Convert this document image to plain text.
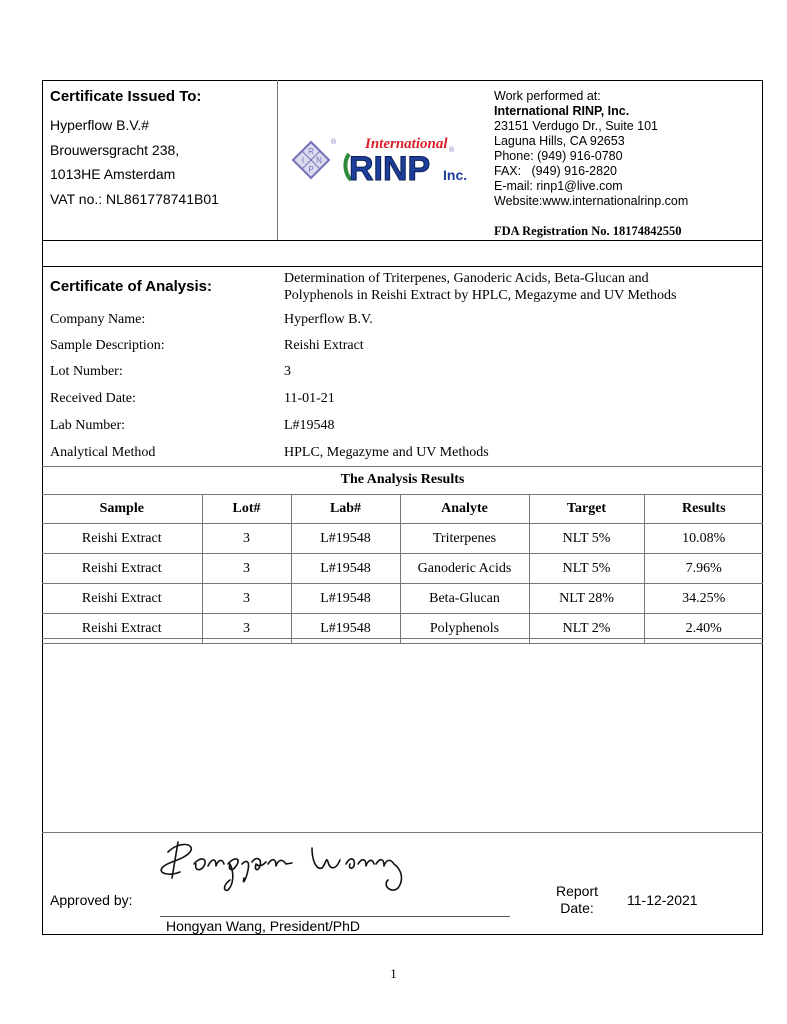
Certificate Issued To:
Hyperflow B.V.#
Brouwersgracht 238,
1013HE Amsterdam
VAT no.: NL861778741B01
R
I N
P
® International
RINP Inc.
®
Work performed at:
International RINP, Inc.
23151 Verdugo Dr., Suite 101
Laguna Hills, CA 92653
Phone: (949) 916-0780
FAX:   (949) 916-2820
E-mail: rinp1@live.com
Website:www.internationalrinp.com
FDA Registration No. 18174842550
Certificate of Analysis:	Determination of Triterpenes, Ganoderic Acids, Beta-Glucan and
Polyphenols in Reishi Extract by HPLC, Megazyme and UV Methods
Company Name:	Hyperflow B.V.
Sample Description:	Reishi Extract
Lot Number:	3
Received Date:	11-01-21
Lab Number:	L#19548
Analytical Method	HPLC, Megazyme and UV Methods
The Analysis Results
Sample	Lot#	Lab#	Analyte	Target	Results
Reishi Extract	3	L#19548	Triterpenes	NLT 5%	10.08%
Reishi Extract	3	L#19548	Ganoderic Acids	NLT 5%	7.96%
Reishi Extract	3	L#19548	Beta-Glucan	NLT 28%	34.25%
Reishi Extract	3	L#19548	Polyphenols	NLT 2%	2.40%
Approved by:
Hongyan Wang, President/PhD
Report
Date:	11-12-2021
1
